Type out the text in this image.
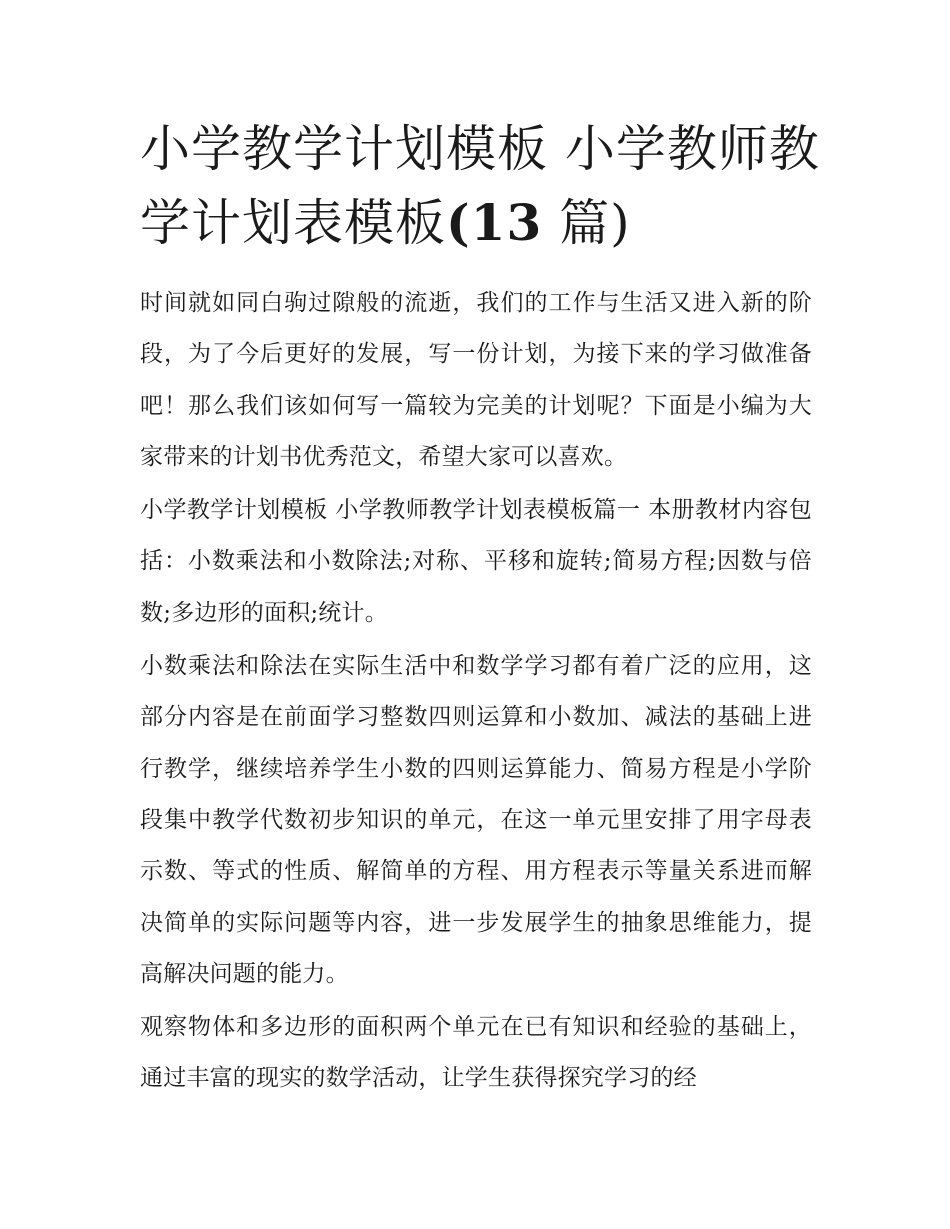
小学教学计划模板 小学教师教学计划表模板(13 篇)

时间就如同白驹过隙般的流逝，我们的工作与生活又进入新的阶段，为了今后更好的发展，写一份计划，为接下来的学习做准备吧！那么我们该如何写一篇较为完美的计划呢？下面是小编为大家带来的计划书优秀范文，希望大家可以喜欢。

小学教学计划模板 小学教师教学计划表模板篇一 本册教材内容包括：小数乘法和小数除法;对称、平移和旋转;简易方程;因数与倍数;多边形的面积;统计。

小数乘法和除法在实际生活中和数学学习都有着广泛的应用，这部分内容是在前面学习整数四则运算和小数加、减法的基础上进行教学，继续培养学生小数的四则运算能力、简易方程是小学阶段集中教学代数初步知识的单元，在这一单元里安排了用字母表示数、等式的性质、解简单的方程、用方程表示等量关系进而解决简单的实际问题等内容，进一步发展学生的抽象思维能力，提高解决问题的能力。

观察物体和多边形的面积两个单元在已有知识和经验的基础上，通过丰富的现实的数学活动，让学生获得探究学习的经
